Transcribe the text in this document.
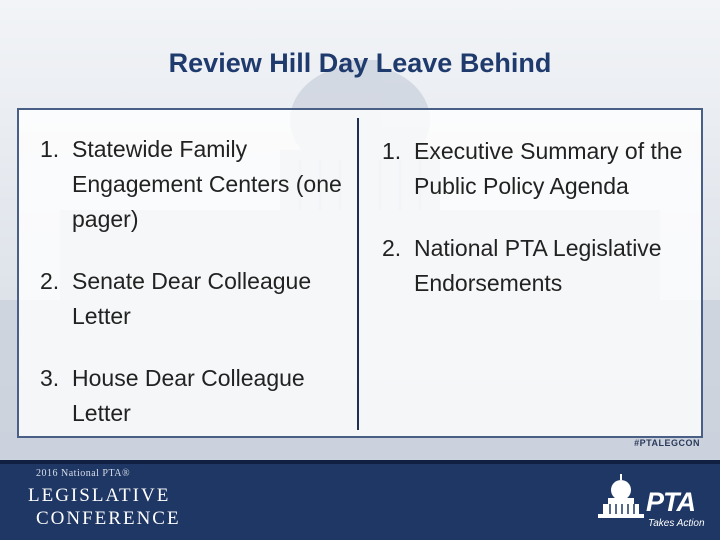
Review Hill Day Leave Behind
1. Statewide Family Engagement Centers (one pager)
2. Senate Dear Colleague Letter
3. House Dear Colleague Letter
1. Executive Summary of the Public Policy Agenda
2. National PTA Legislative Endorsements
#PTALEGCON
2016 National PTA®
LEGISLATIVE
CONFERENCE
PTA
Takes Action
